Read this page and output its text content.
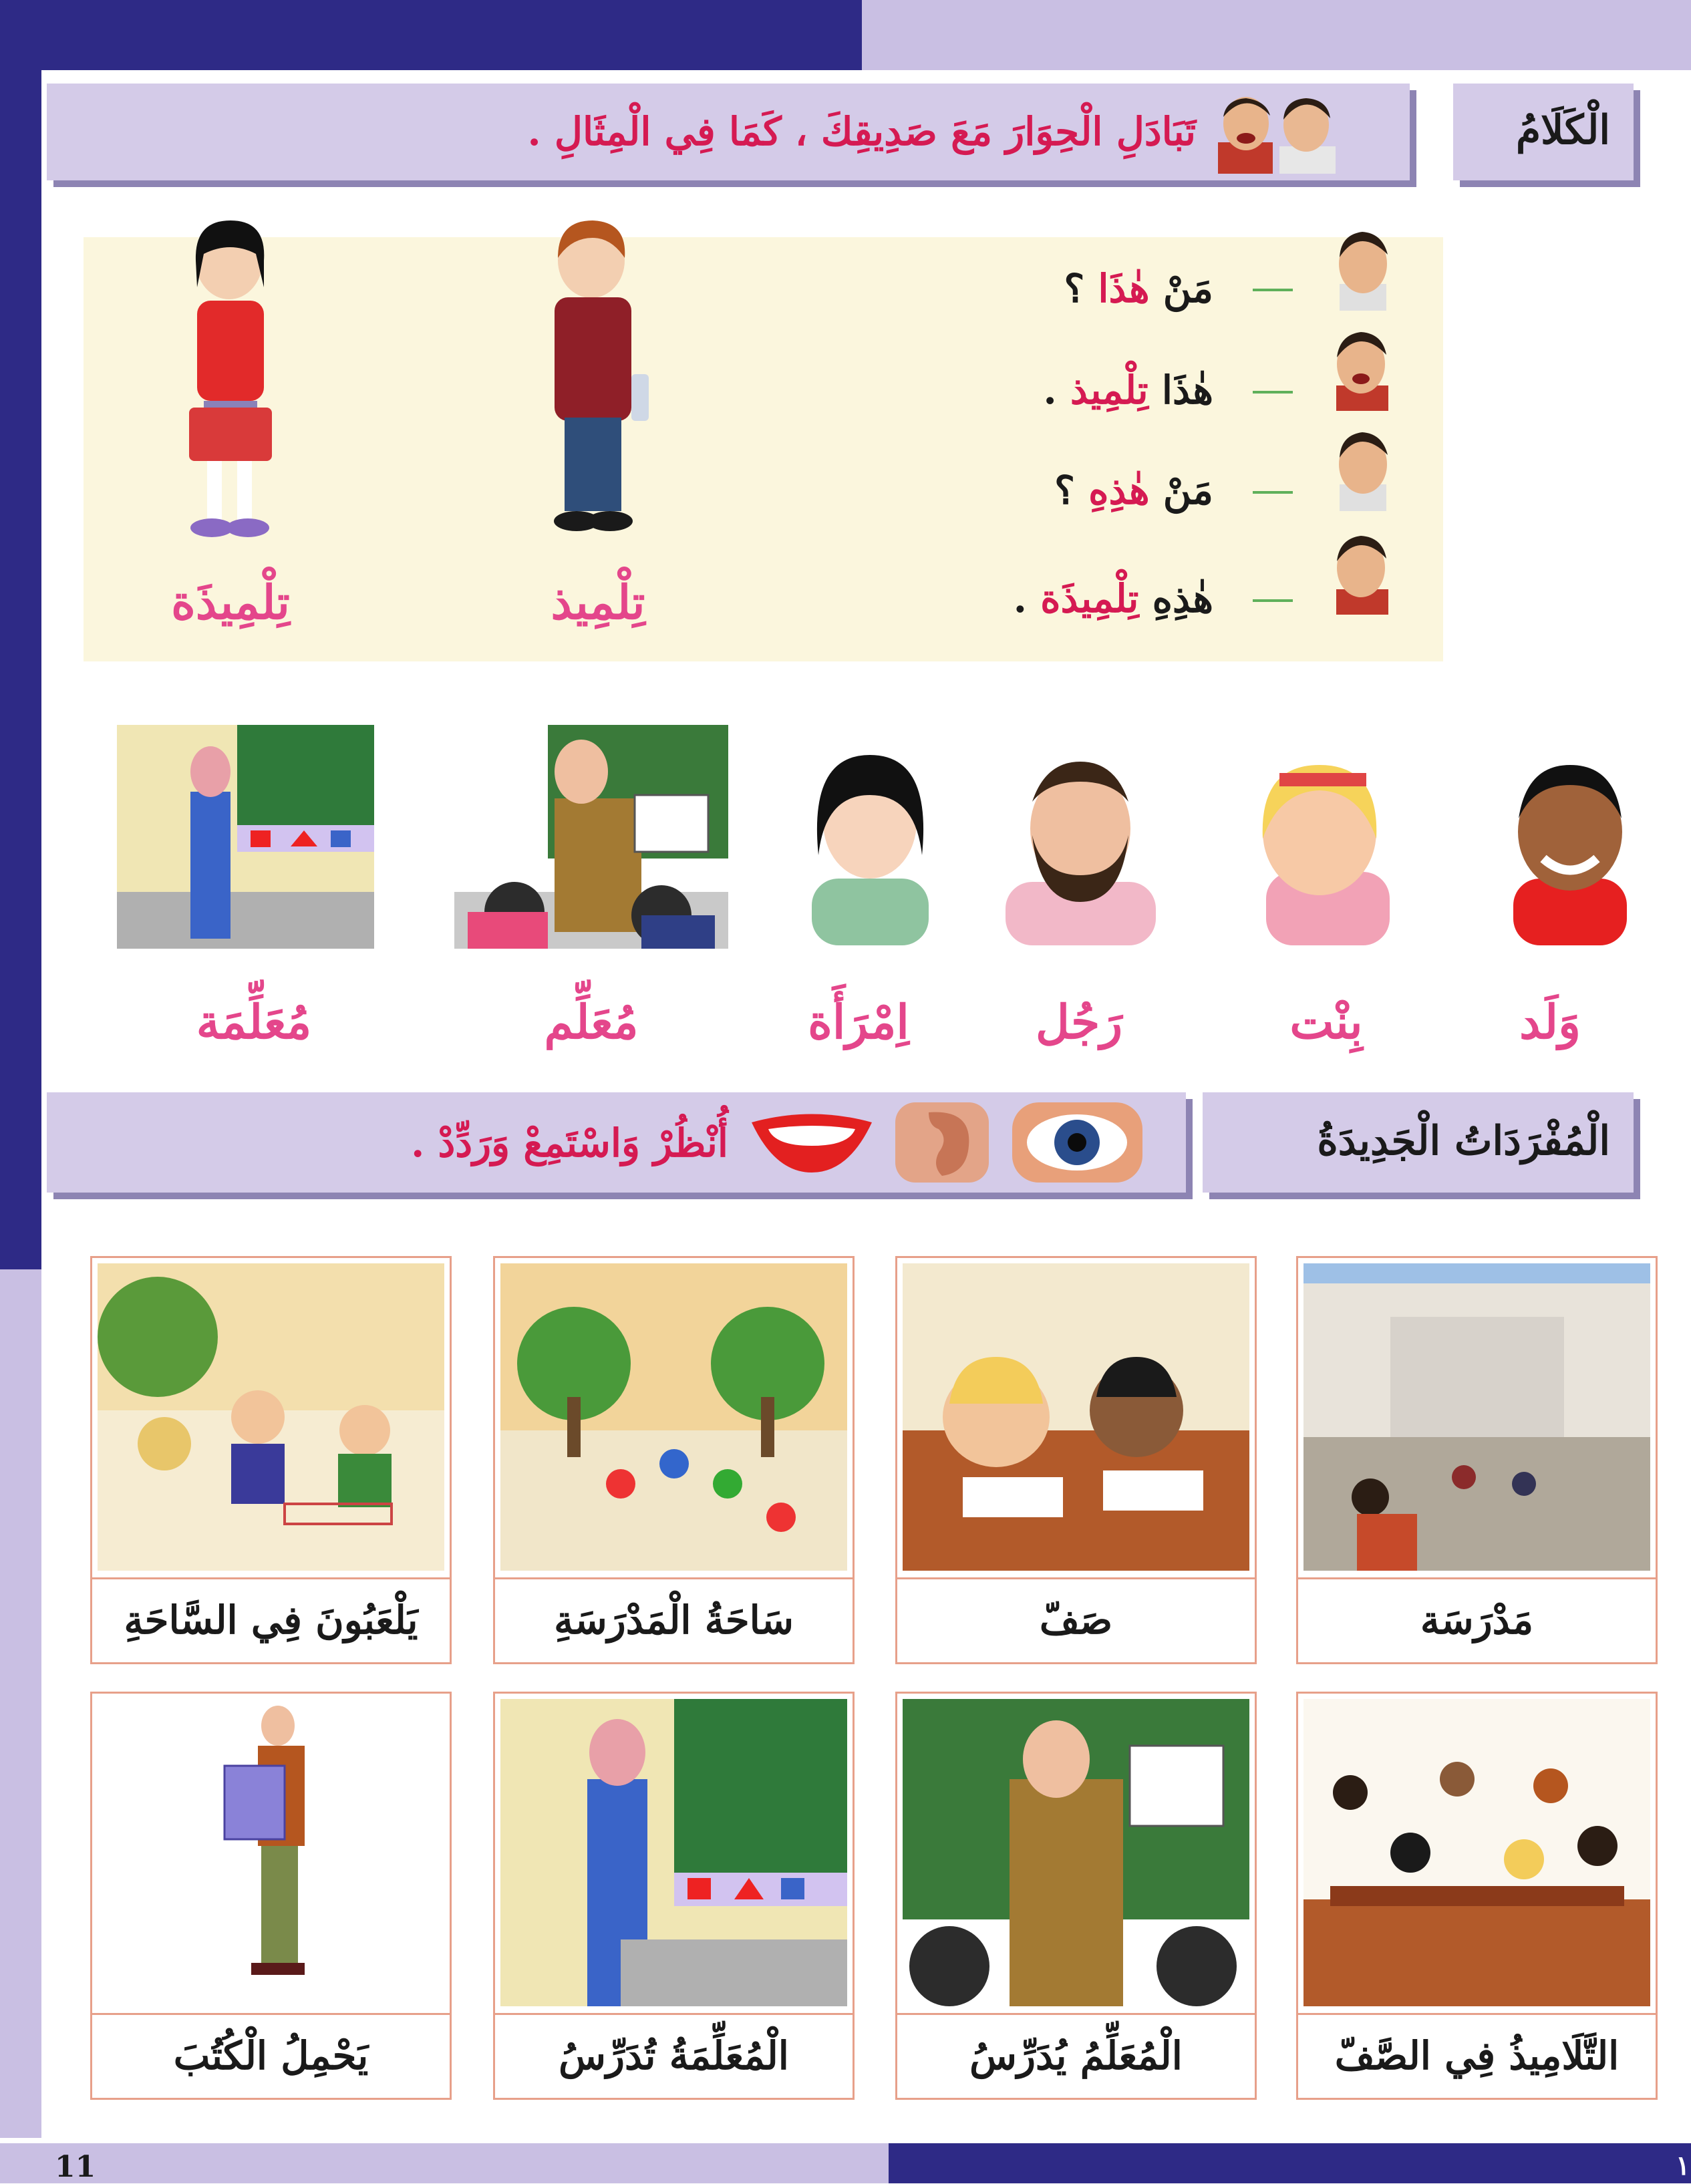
11	١
الْكَلَامُ
تَبَادَلِ الْحِوَارَ مَعَ صَدِيقِكَ ، كَمَا فِي الْمِثَالِ .
مَنْ هٰذَا ؟
هٰذَا تِلْمِيذ .
مَنْ هٰذِهِ ؟
هٰذِهِ تِلْمِيذَة .
تِلْمِيذَة	تِلْمِيذ
وَلَد
بِنْت
رَجُل
اِمْرَأَة
مُعَلِّم
مُعَلِّمَة
الْمُفْرَدَاتُ الْجَدِيدَةُ
أُنْظُرْ وَاسْتَمِعْ وَرَدِّدْ .
مَدْرَسَة
صَفّ
سَاحَةُ الْمَدْرَسَةِ
يَلْعَبُونَ فِي السَّاحَةِ
التَّلَامِيذُ فِي الصَّفّ
الْمُعَلِّمُ يُدَرِّسُ
الْمُعَلِّمَةُ تُدَرِّسُ
يَحْمِلُ الْكُتُبَ
